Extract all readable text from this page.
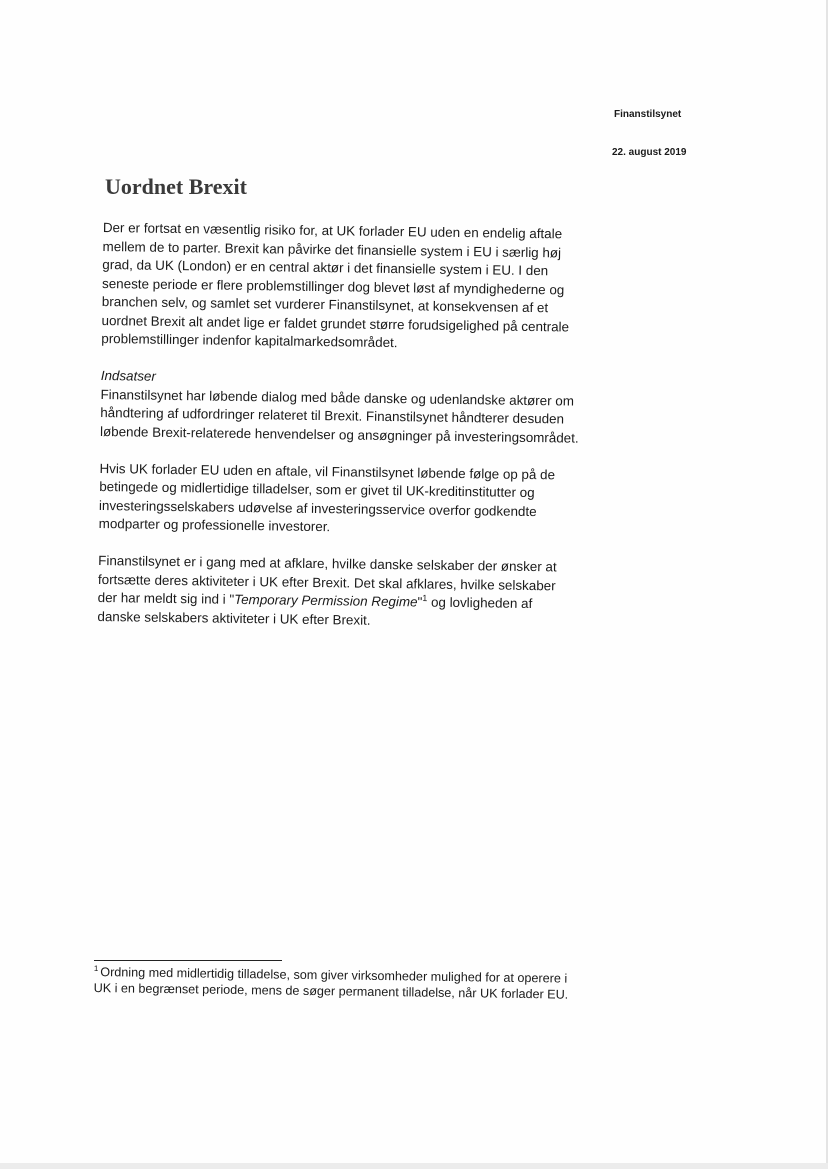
Finanstilsynet
22. august 2019
Uordnet Brexit

Der er fortsat en væsentlig risiko for, at UK forlader EU uden en endelig aftale mellem de to parter. Brexit kan påvirke det finansielle system i EU i særlig høj grad, da UK (London) er en central aktør i det finansielle system i EU. I den seneste periode er flere problemstillinger dog blevet løst af myndighederne og branchen selv, og samlet set vurderer Finanstilsynet, at konsekvensen af et uordnet Brexit alt andet lige er faldet grundet større forudsigelighed på centrale problemstillinger indenfor kapitalmarkedsområdet.

Indsatser
Finanstilsynet har løbende dialog med både danske og udenlandske aktører om håndtering af udfordringer relateret til Brexit. Finanstilsynet håndterer desuden løbende Brexit-relaterede henvendelser og ansøgninger på investeringsområdet.

Hvis UK forlader EU uden en aftale, vil Finanstilsynet løbende følge op på de betingede og midlertidige tilladelser, som er givet til UK-kreditinstitutter og investeringsselskabers udøvelse af investeringsservice overfor godkendte modparter og professionelle investorer.

Finanstilsynet er i gang med at afklare, hvilke danske selskaber der ønsker at fortsætte deres aktiviteter i UK efter Brexit. Det skal afklares, hvilke selskaber der har meldt sig ind i "Temporary Permission Regime"$^1$ og lovligheden af danske selskabers aktiviteter i UK efter Brexit.

$^1$ Ordning med midlertidig tilladelse, som giver virksomheder mulighed for at operere i UK i en begrænset periode, mens de søger permanent tilladelse, når UK forlader EU.
